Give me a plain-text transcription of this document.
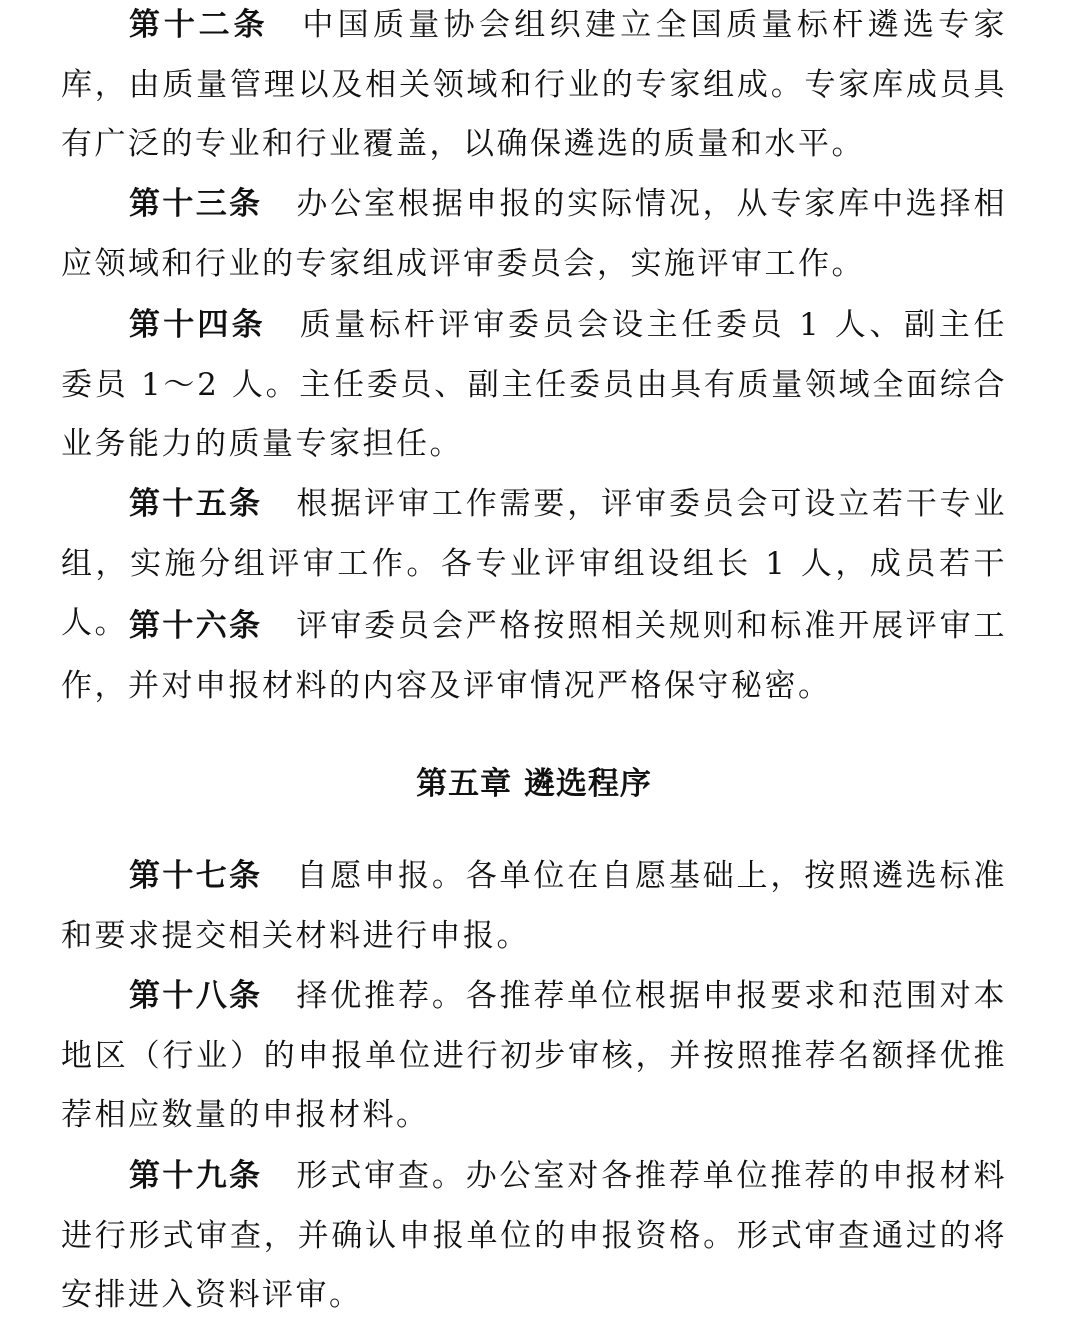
第十二条 中国质量协会组织建立全国质量标杆遴选专家库，由质量管理以及相关领域和行业的专家组成。专家库成员具有广泛的专业和行业覆盖，以确保遴选的质量和水平。

第十三条 办公室根据申报的实际情况，从专家库中选择相应领域和行业的专家组成评审委员会，实施评审工作。

第十四条 质量标杆评审委员会设主任委员 1 人、副主任委员 1～2 人。主任委员、副主任委员由具有质量领域全面综合业务能力的质量专家担任。

第十五条 根据评审工作需要，评审委员会可设立若干专业组，实施分组评审工作。各专业评审组设组长 1 人，成员若干人。 第十六条 评审委员会严格按照相关规则和标准开展评审工作，并对申报材料的内容及评审情况严格保守秘密。

第五章 遴选程序

第十七条 自愿申报。各单位在自愿基础上，按照遴选标准和要求提交相关材料进行申报。

第十八条 择优推荐。各推荐单位根据申报要求和范围对本地区（行业）的申报单位进行初步审核，并按照推荐名额择优推荐相应数量的申报材料。

第十九条 形式审查。办公室对各推荐单位推荐的申报材料进行形式审查，并确认申报单位的申报资格。形式审查通过的将安排进入资料评审。
